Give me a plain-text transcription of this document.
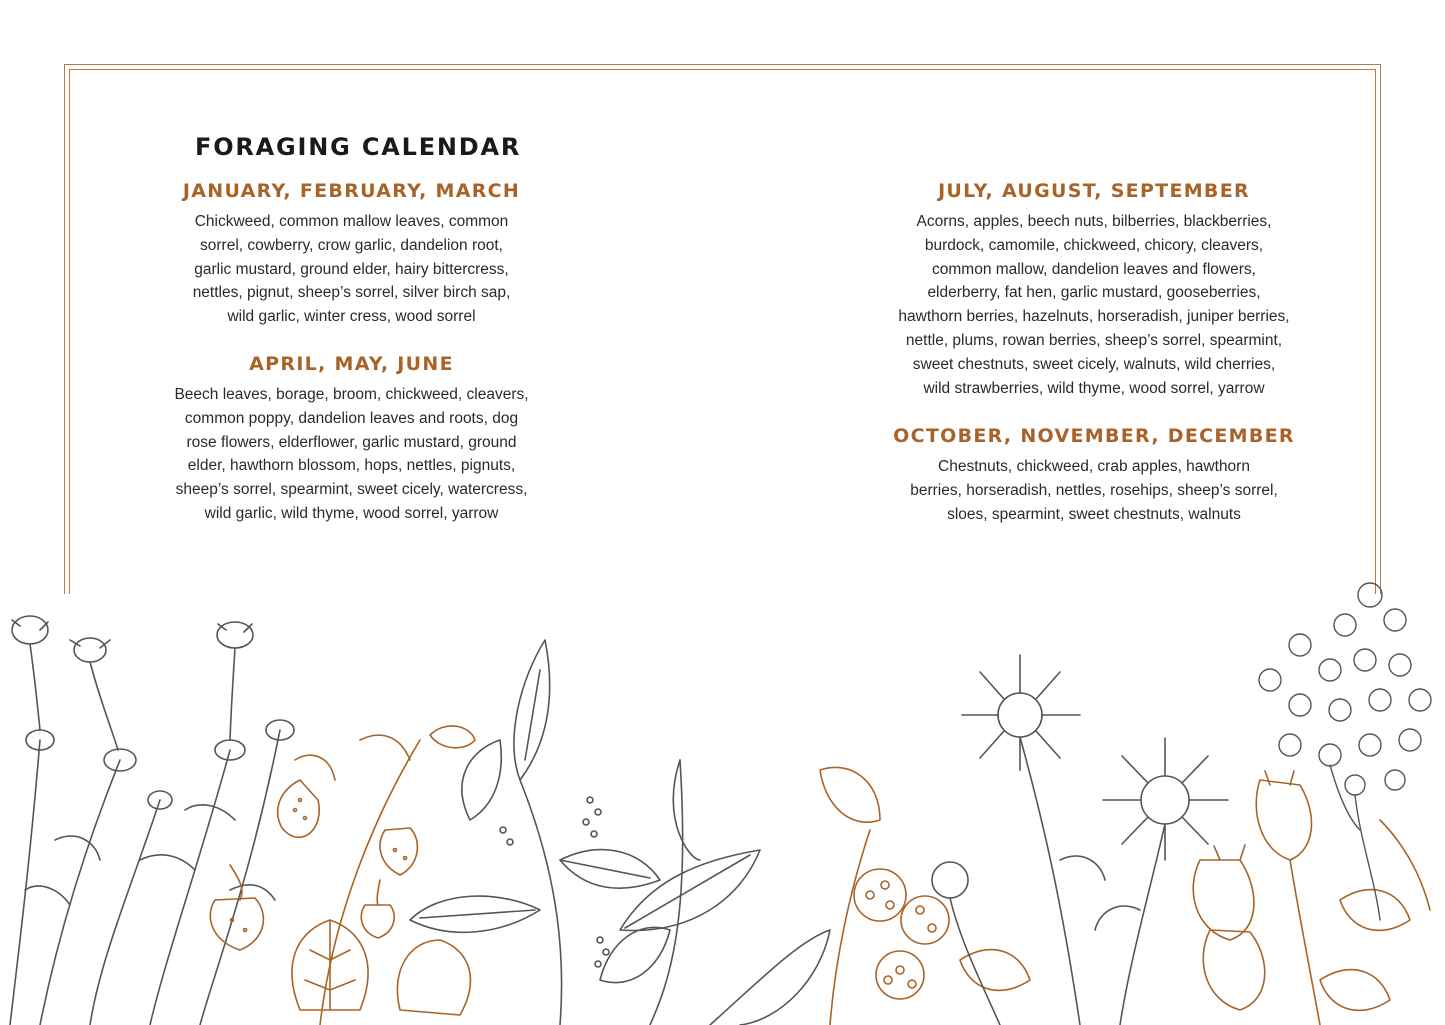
FORAGING CALENDAR
JANUARY, FEBRUARY, MARCH

Chickweed, common mallow leaves, common
sorrel, cowberry, crow garlic, dandelion root,
garlic mustard, ground elder, hairy bittercress,
nettles, pignut, sheep’s sorrel, silver birch sap,
wild garlic, winter cress, wood sorrel

APRIL, MAY, JUNE

Beech leaves, borage, broom, chickweed, cleavers,
common poppy, dandelion leaves and roots, dog
rose flowers, elderflower, garlic mustard, ground
elder, hawthorn blossom, hops, nettles, pignuts,
sheep’s sorrel, spearmint, sweet cicely, watercress,
wild garlic, wild thyme, wood sorrel, yarrow

JULY, AUGUST, SEPTEMBER

Acorns, apples, beech nuts, bilberries, blackberries,
burdock, camomile, chickweed, chicory, cleavers,
common mallow, dandelion leaves and flowers,
elderberry, fat hen, garlic mustard, gooseberries,
hawthorn berries, hazelnuts, horseradish, juniper berries,
nettle, plums, rowan berries, sheep’s sorrel, spearmint,
sweet chestnuts, sweet cicely, walnuts, wild cherries,
wild strawberries, wild thyme, wood sorrel, yarrow

OCTOBER, NOVEMBER, DECEMBER

Chestnuts, chickweed, crab apples, hawthorn
berries, horseradish, nettles, rosehips, sheep’s sorrel,
sloes, spearmint, sweet chestnuts, walnuts
